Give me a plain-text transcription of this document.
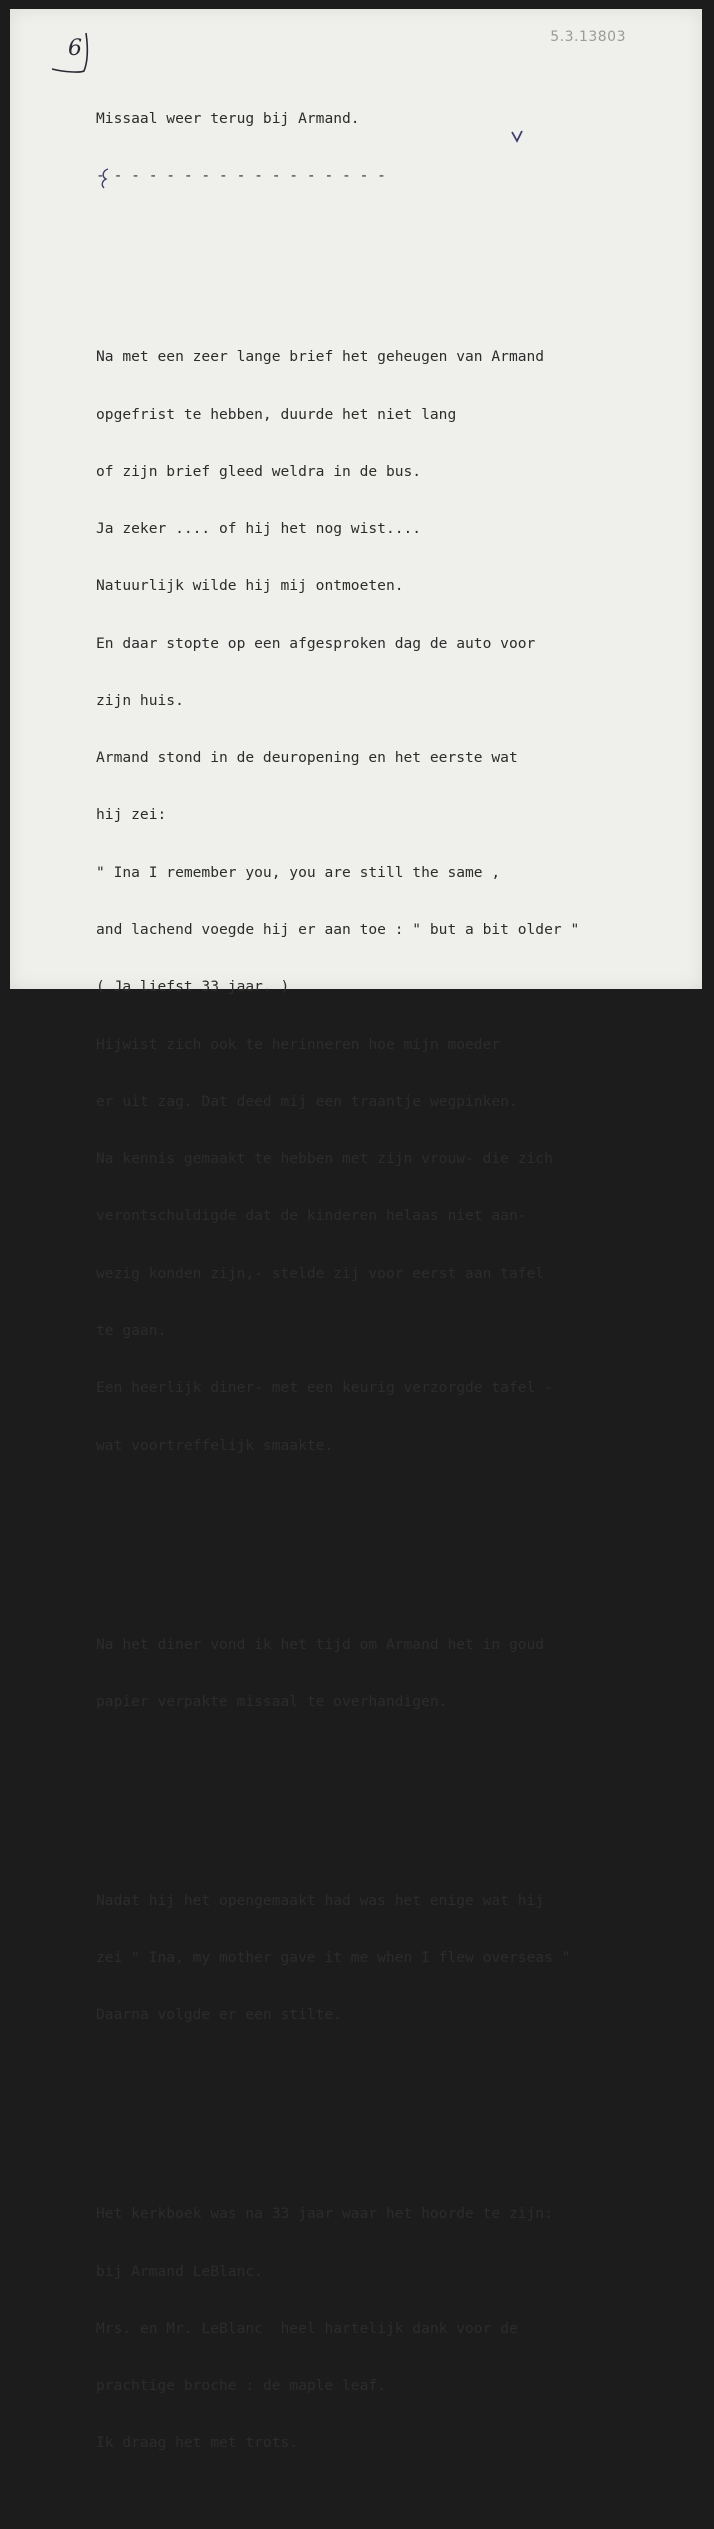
6	5.3.13803

Missaal weer terug bij Armand.

- - - - - - - - - - - - - - - - -

Na met een zeer lange brief het geheugen van Armand

opgefrist te hebben, duurde het niet lang

of zijn brief gleed weldra in de bus.

Ja zeker .... of hij het nog wist....

Natuurlijk wilde hij mij ontmoeten.

En daar stopte op een afgesproken dag de auto voor

zijn huis.

Armand stond in de deuropening en het eerste wat

hij zei:

" Ina I remember you, you are still the same ,

and lachend voegde hij er aan toe : " but a bit older "

( Ja liefst 33 jaar. )

Hijwist zich ook te herinneren hoe mijn moeder

er uit zag. Dat deed mij een traantje wegpinken.

Na kennis gemaakt te hebben met zijn vrouw- die zich

verontschuldigde dat de kinderen helaas niet aan-

wezig konden zijn,- stelde zij voor eerst aan tafel

te gaan.

Een heerlijk diner- met een keurig verzorgde tafel -

wat voortreffelijk smaakte.

Na het diner vond ik het tijd om Armand het in goud

papier verpakte missaal te overhandigen.

Nadat hij het opengemaakt had was het enige wat hij

zei " Ina, my mother gave it me when I flew overseas "

Daarna volgde er een stilte.

Het kerkboek was na 33 jaar waar het hoorde te zijn:

bij Armand LeBlanc.

Mrs. en Mr. LeBlanc  heel hartelijk dank voor de

prachtige broche : de maple leaf.

Ik draag het met trots.
